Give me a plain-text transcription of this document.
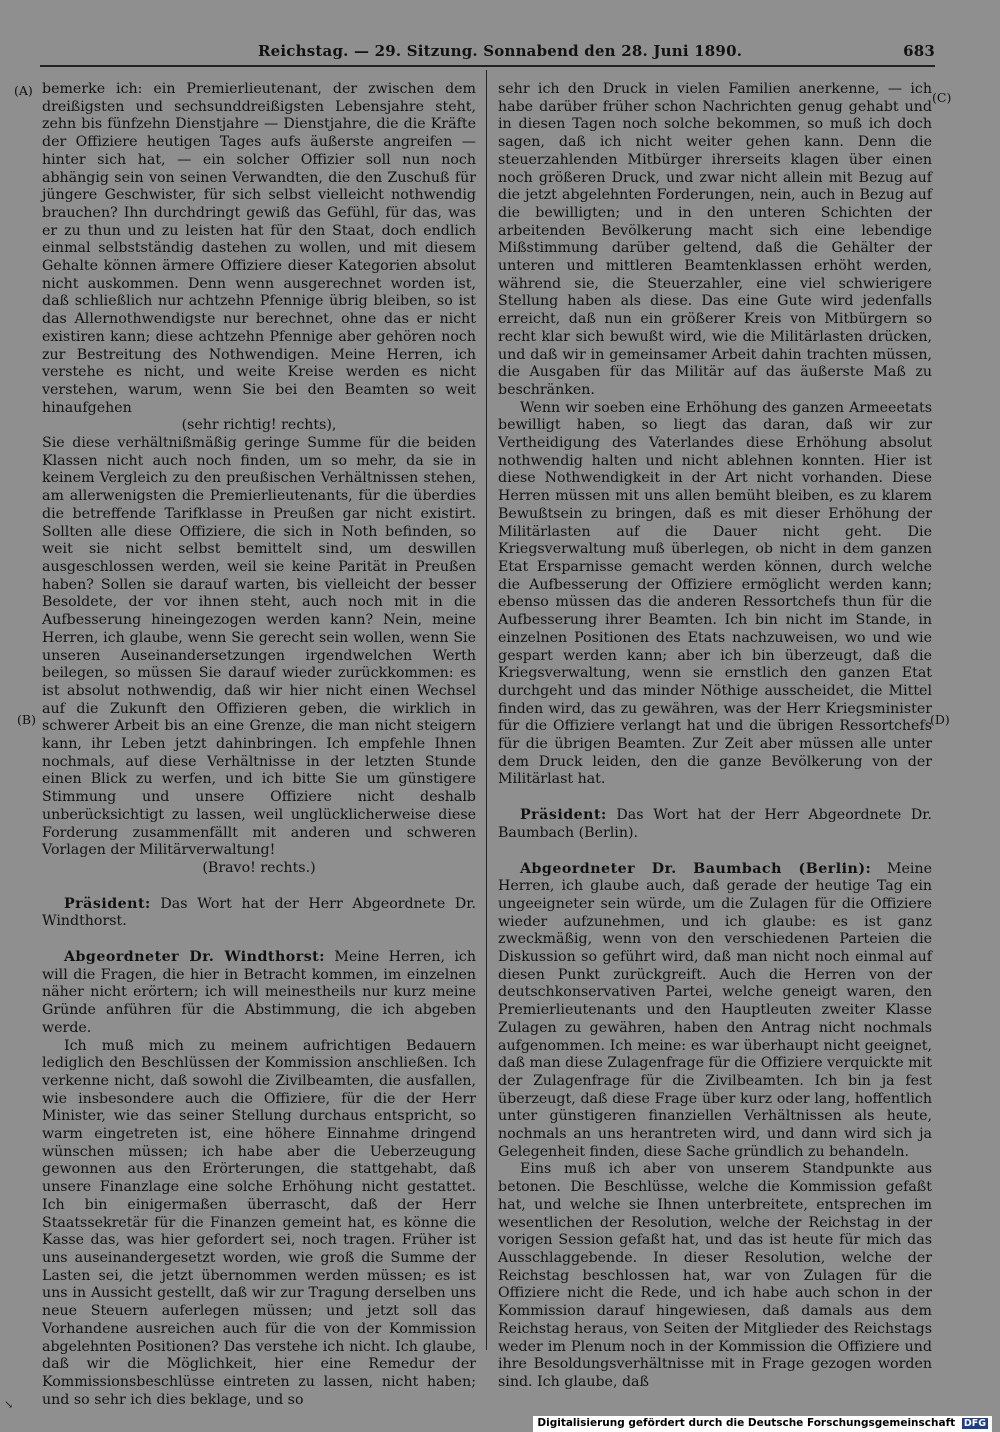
Reichstag. — 29. Sitzung. Sonnabend den 28. Juni 1890.	683
(A)
(B)
(C)
(D)

bemerke ich: ein Premierlieutenant, der zwischen dem dreißigsten und sechsunddreißigsten Lebensjahre steht, zehn bis fünfzehn Dienstjahre — Dienstjahre, die die Kräfte der Offiziere heutigen Tages aufs äußerste angreifen — hinter sich hat, — ein solcher Offizier soll nun noch abhängig sein von seinen Verwandten, die den Zuschuß für jüngere Geschwister, für sich selbst vielleicht nothwendig brauchen? Ihn durchdringt gewiß das Gefühl, für das, was er zu thun und zu leisten hat für den Staat, doch endlich einmal selbstständig dastehen zu wollen, und mit diesem Gehalte können ärmere Offiziere dieser Kategorien absolut nicht auskommen. Denn wenn ausgerechnet worden ist, daß schließlich nur achtzehn Pfennige übrig bleiben, so ist das Allernothwendigste nur berechnet, ohne das er nicht existiren kann; diese achtzehn Pfennige aber gehören noch zur Bestreitung des Nothwendigen. Meine Herren, ich verstehe es nicht, und weite Kreise werden es nicht verstehen, warum, wenn Sie bei den Beamten so weit hinaufgehen

(sehr richtig! rechts),

Sie diese verhältnißmäßig geringe Summe für die beiden Klassen nicht auch noch finden, um so mehr, da sie in keinem Vergleich zu den preußischen Verhältnissen stehen, am allerwenigsten die Premierlieutenants, für die überdies die betreffende Tarifklasse in Preußen gar nicht existirt. Sollten alle diese Offiziere, die sich in Noth befinden, so weit sie nicht selbst bemittelt sind, um deswillen ausgeschlossen werden, weil sie keine Parität in Preußen haben? Sollen sie darauf warten, bis vielleicht der besser Besoldete, der vor ihnen steht, auch noch mit in die Aufbesserung hineingezogen werden kann? Nein, meine Herren, ich glaube, wenn Sie gerecht sein wollen, wenn Sie unseren Auseinandersetzungen irgendwelchen Werth beilegen, so müssen Sie darauf wieder zurückkommen: es ist absolut nothwendig, daß wir hier nicht einen Wechsel auf die Zukunft den Offizieren geben, die wirklich in schwerer Arbeit bis an eine Grenze, die man nicht steigern kann, ihr Leben jetzt dahinbringen. Ich empfehle Ihnen nochmals, auf diese Verhältnisse in der letzten Stunde einen Blick zu werfen, und ich bitte Sie um günstigere Stimmung und unsere Offiziere nicht deshalb unberücksichtigt zu lassen, weil unglücklicherweise diese Forderung zusammenfällt mit anderen und schweren Vorlagen der Militärverwaltung!

(Bravo! rechts.)

Präsident: Das Wort hat der Herr Abgeordnete Dr. Windthorst.

Abgeordneter Dr. Windthorst: Meine Herren, ich will die Fragen, die hier in Betracht kommen, im einzelnen näher nicht erörtern; ich will meinestheils nur kurz meine Gründe anführen für die Abstimmung, die ich abgeben werde.

Ich muß mich zu meinem aufrichtigen Bedauern lediglich den Beschlüssen der Kommission anschließen. Ich verkenne nicht, daß sowohl die Zivilbeamten, die ausfallen, wie insbesondere auch die Offiziere, für die der Herr Minister, wie das seiner Stellung durchaus entspricht, so warm eingetreten ist, eine höhere Einnahme dringend wünschen müssen; ich habe aber die Ueberzeugung gewonnen aus den Erörterungen, die stattgehabt, daß unsere Finanzlage eine solche Erhöhung nicht gestattet. Ich bin einigermaßen überrascht, daß der Herr Staatssekretär für die Finanzen gemeint hat, es könne die Kasse das, was hier gefordert sei, noch tragen. Früher ist uns auseinandergesetzt worden, wie groß die Summe der Lasten sei, die jetzt übernommen werden müssen; es ist uns in Aussicht gestellt, daß wir zur Tragung derselben uns neue Steuern auferlegen müssen; und jetzt soll das Vorhandene ausreichen auch für die von der Kommission abgelehnten Positionen? Das verstehe ich nicht. Ich glaube, daß wir die Möglichkeit, hier eine Remedur der Kommissionsbeschlüsse eintreten zu lassen, nicht haben; und so sehr ich dies beklage, und so

sehr ich den Druck in vielen Familien anerkenne, — ich habe darüber früher schon Nachrichten genug gehabt und in diesen Tagen noch solche bekommen, so muß ich doch sagen, daß ich nicht weiter gehen kann. Denn die steuerzahlenden Mitbürger ihrerseits klagen über einen noch größeren Druck, und zwar nicht allein mit Bezug auf die jetzt abgelehnten Forderungen, nein, auch in Bezug auf die bewilligten; und in den unteren Schichten der arbeitenden Bevölkerung macht sich eine lebendige Mißstimmung darüber geltend, daß die Gehälter der unteren und mittleren Beamtenklassen erhöht werden, während sie, die Steuerzahler, eine viel schwierigere Stellung haben als diese. Das eine Gute wird jedenfalls erreicht, daß nun ein größerer Kreis von Mitbürgern so recht klar sich bewußt wird, wie die Militärlasten drücken, und daß wir in gemeinsamer Arbeit dahin trachten müssen, die Ausgaben für das Militär auf das äußerste Maß zu beschränken.

Wenn wir soeben eine Erhöhung des ganzen Armeeetats bewilligt haben, so liegt das daran, daß wir zur Vertheidigung des Vaterlandes diese Erhöhung absolut nothwendig halten und nicht ablehnen konnten. Hier ist diese Nothwendigkeit in der Art nicht vorhanden. Diese Herren müssen mit uns allen bemüht bleiben, es zu klarem Bewußtsein zu bringen, daß es mit dieser Erhöhung der Militärlasten auf die Dauer nicht geht. Die Kriegsverwaltung muß überlegen, ob nicht in dem ganzen Etat Ersparnisse gemacht werden können, durch welche die Aufbesserung der Offiziere ermöglicht werden kann; ebenso müssen das die anderen Ressortchefs thun für die Aufbesserung ihrer Beamten. Ich bin nicht im Stande, in einzelnen Positionen des Etats nachzuweisen, wo und wie gespart werden kann; aber ich bin überzeugt, daß die Kriegsverwaltung, wenn sie ernstlich den ganzen Etat durchgeht und das minder Nöthige ausscheidet, die Mittel finden wird, das zu gewähren, was der Herr Kriegsminister für die Offiziere verlangt hat und die übrigen Ressortchefs für die übrigen Beamten. Zur Zeit aber müssen alle unter dem Druck leiden, den die ganze Bevölkerung von der Militärlast hat.

Präsident: Das Wort hat der Herr Abgeordnete Dr. Baumbach (Berlin).

Abgeordneter Dr. Baumbach (Berlin): Meine Herren, ich glaube auch, daß gerade der heutige Tag ein ungeeigneter sein würde, um die Zulagen für die Offiziere wieder aufzunehmen, und ich glaube: es ist ganz zweckmäßig, wenn von den verschiedenen Parteien die Diskussion so geführt wird, daß man nicht noch einmal auf diesen Punkt zurückgreift. Auch die Herren von der deutschkonservativen Partei, welche geneigt waren, den Premierlieutenants und den Hauptleuten zweiter Klasse Zulagen zu gewähren, haben den Antrag nicht nochmals aufgenommen. Ich meine: es war überhaupt nicht geeignet, daß man diese Zulagenfrage für die Offiziere verquickte mit der Zulagenfrage für die Zivilbeamten. Ich bin ja fest überzeugt, daß diese Frage über kurz oder lang, hoffentlich unter günstigeren finanziellen Verhältnissen als heute, nochmals an uns herantreten wird, und dann wird sich ja Gelegenheit finden, diese Sache gründlich zu behandeln.

Eins muß ich aber von unserem Standpunkte aus betonen. Die Beschlüsse, welche die Kommission gefaßt hat, und welche sie Ihnen unterbreitete, entsprechen im wesentlichen der Resolution, welche der Reichstag in der vorigen Session gefaßt hat, und das ist heute für mich das Ausschlaggebende. In dieser Resolution, welche der Reichstag beschlossen hat, war von Zulagen für die Offiziere nicht die Rede, und ich habe auch schon in der Kommission darauf hingewiesen, daß damals aus dem Reichstag heraus, von Seiten der Mitglieder des Reichstags weder im Plenum noch in der Kommission die Offiziere und ihre Besoldungsverhältnisse mit in Frage gezogen worden sind. Ich glaube, daß

↘
Digitalisierung gefördert durch die Deutsche Forschungsgemeinschaft DFG
